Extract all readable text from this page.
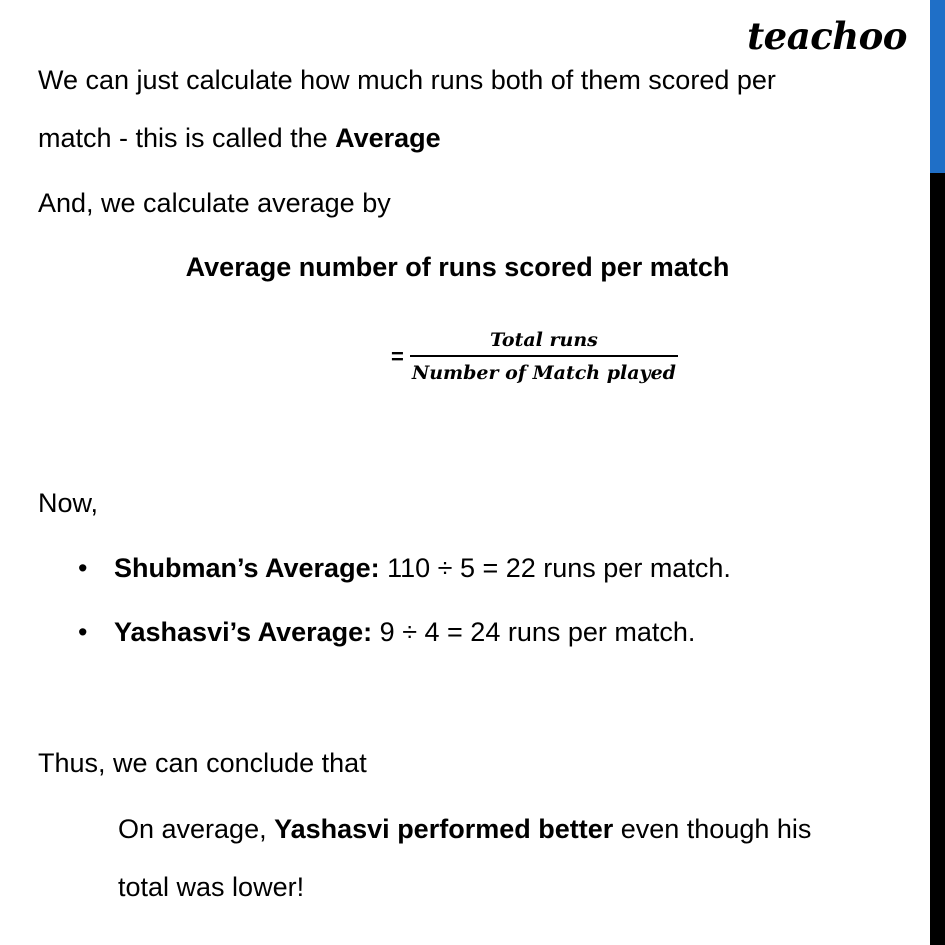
teachoo
We can just calculate how much runs both of them scored per
match - this is called the Average
And, we calculate average by
Average number of runs scored per match
= $\frac{\text{Total runs}}{\text{Number of Match played}}$
Now,
• Shubman’s Average: 110 ÷ 5 = 22 runs per match.
• Yashasvi’s Average: 9 ÷ 4 = 24 runs per match.
Thus, we can conclude that
On average, Yashasvi performed better even though his
total was lower!
